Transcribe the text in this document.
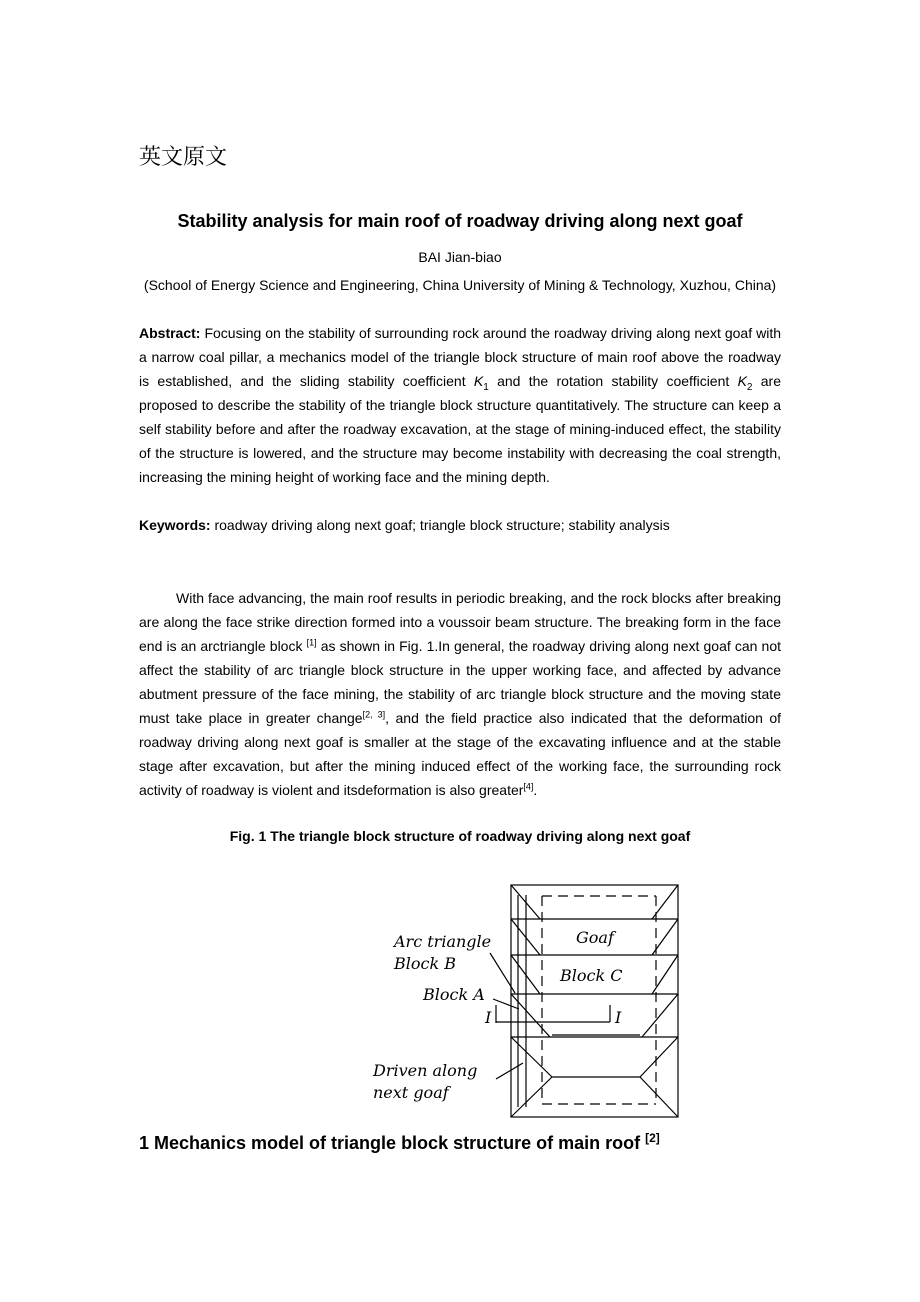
英文原文
Stability analysis for main roof of roadway driving along next goaf
BAI Jian-biao
(School of Energy Science and Engineering, China University of Mining & Technology, Xuzhou, China)
Abstract: Focusing on the stability of surrounding rock around the roadway driving along next goaf with a narrow coal pillar, a mechanics model of the triangle block structure of main roof above the roadway is established, and the sliding stability coefficient $K_1$ and the rotation stability coefficient $K_2$ are proposed to describe the stability of the triangle block structure quantitatively. The structure can keep a self stability before and after the roadway excavation, at the stage of mining-induced effect, the stability of the structure is lowered, and the structure may become instability with decreasing the coal strength, increasing the mining height of working face and the mining depth.
Keywords: roadway driving along next goaf; triangle block structure; stability analysis
With face advancing, the main roof results in periodic breaking, and the rock blocks after breaking are along the face strike direction formed into a voussoir beam structure. The breaking form in the face end is an arctriangle block [1] as shown in Fig. 1.In general, the roadway driving along next goaf can not affect the stability of arc triangle block structure in the upper working face, and affected by advance abutment pressure of the face mining, the stability of arc triangle block structure and the moving state must take place in greater change[2, 3], and the field practice also indicated that the deformation of roadway driving along next goaf is smaller at the stage of the excavating influence and at the stable stage after excavation, but after the mining induced effect of the working face, the surrounding rock activity of roadway is violent and itsdeformation is also greater[4].
Fig. 1 The triangle block structure of roadway driving along next goaf
Arc triangle
Block B
Block A
Goaf
Block C
I	I
Driven along
next goaf
1 Mechanics model of triangle block structure of main roof [2]
